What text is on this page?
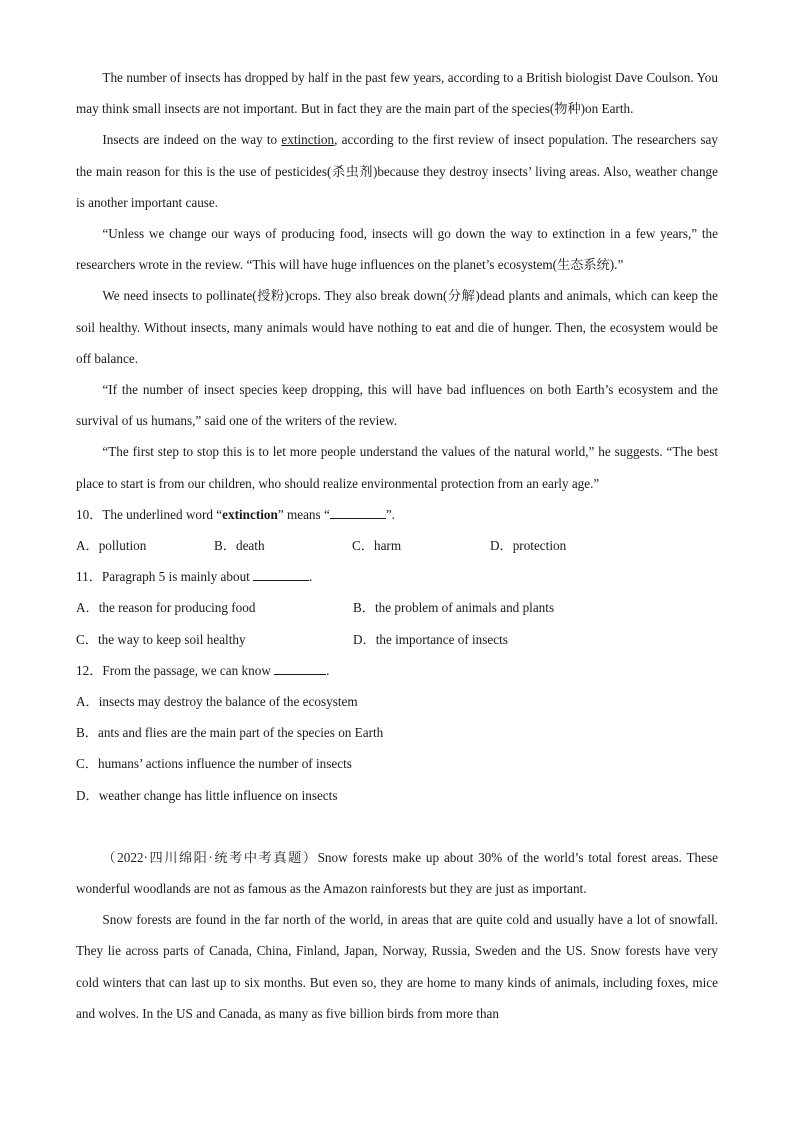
The number of insects has dropped by half in the past few years, according to a British biologist Dave Coulson. You may think small insects are not important. But in fact they are the main part of the species(物种)on Earth.

Insects are indeed on the way to extinction, according to the first review of insect population. The researchers say the main reason for this is the use of pesticides(杀虫剂)because they destroy insects’ living areas. Also, weather change is another important cause.

“Unless we change our ways of producing food, insects will go down the way to extinction in a few years,” the researchers wrote in the review. “This will have huge influences on the planet’s ecosystem(生态系统).”

We need insects to pollinate(授粉)crops. They also break down(分解)dead plants and animals, which can keep the soil healthy. Without insects, many animals would have nothing to eat and die of hunger. Then, the ecosystem would be off balance.

“If the number of insect species keep dropping, this will have bad influences on both Earth’s ecosystem and the survival of us humans,” said one of the writers of the review.

“The first step to stop this is to let more people understand the values of the natural world,” he suggests. “The best place to start is from our children, who should realize environmental protection from an early age.”

10．The underlined word “extinction” means “	”.

A．pollution	B．death	C．harm	D．protection

11．Paragraph 5 is mainly about	.

A．the reason for producing food	B．the problem of animals and plants
C．the way to keep soil healthy	D．the importance of insects

12．From the passage, we can know	.

A．insects may destroy the balance of the ecosystem

B．ants and flies are the main part of the species on Earth

C．humans’ actions influence the number of insects

D．weather change has little influence on insects

（2022·四川绵阳·统考中考真题）Snow forests make up about 30% of the world’s total forest areas. These wonderful woodlands are not as famous as the Amazon rainforests but they are just as important.

Snow forests are found in the far north of the world, in areas that are quite cold and usually have a lot of snowfall. They lie across parts of Canada, China, Finland, Japan, Norway, Russia, Sweden and the US. Snow forests have very cold winters that can last up to six months. But even so, they are home to many kinds of animals, including foxes, mice and wolves. In the US and Canada, as many as five billion birds from more than
